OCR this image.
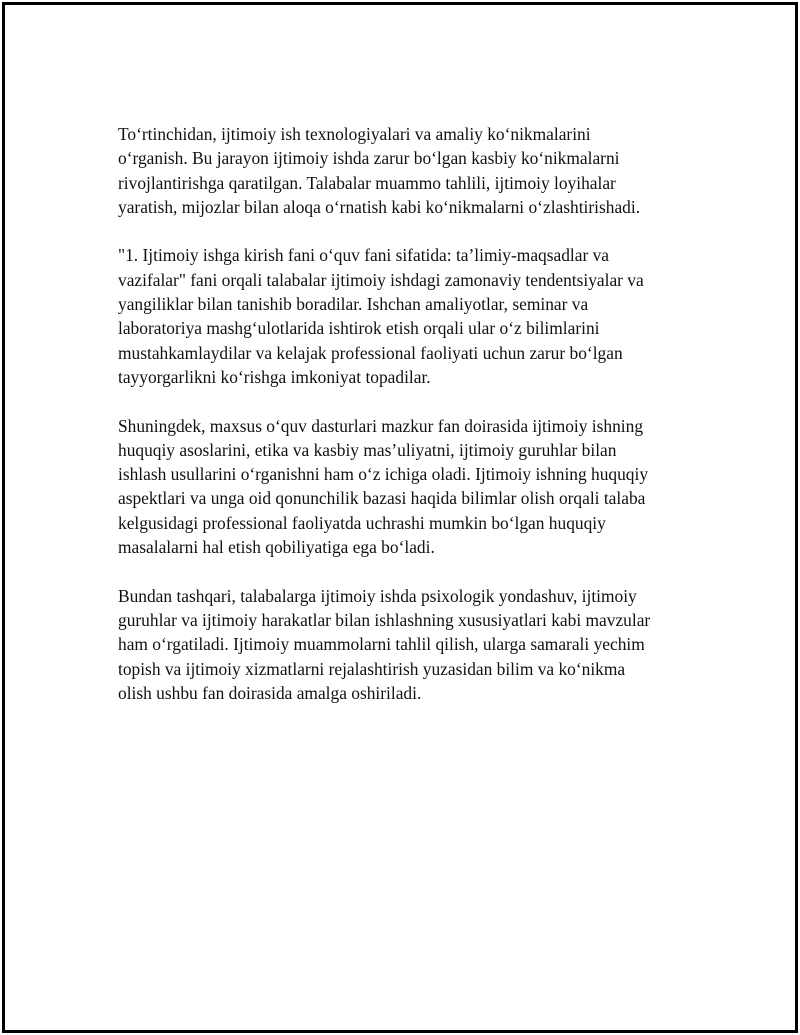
To‘rtinchidan, ijtimoiy ish texnologiyalari va amaliy ko‘nikmalarini
o‘rganish. Bu jarayon ijtimoiy ishda zarur bo‘lgan kasbiy ko‘nikmalarni
rivojlantirishga qaratilgan. Talabalar muammo tahlili, ijtimoiy loyihalar
yaratish, mijozlar bilan aloqa o‘rnatish kabi ko‘nikmalarni o‘zlashtirishadi.

"1. Ijtimoiy ishga kirish fani o‘quv fani sifatida: ta’limiy-maqsadlar va
vazifalar" fani orqali talabalar ijtimoiy ishdagi zamonaviy tendentsiyalar va
yangiliklar bilan tanishib boradilar. Ishchan amaliyotlar, seminar va
laboratoriya mashg‘ulotlarida ishtirok etish orqali ular o‘z bilimlarini
mustahkamlaydilar va kelajak professional faoliyati uchun zarur bo‘lgan
tayyorgarlikni ko‘rishga imkoniyat topadilar.

Shuningdek, maxsus o‘quv dasturlari mazkur fan doirasida ijtimoiy ishning
huquqiy asoslarini, etika va kasbiy mas’uliyatni, ijtimoiy guruhlar bilan
ishlash usullarini o‘rganishni ham o‘z ichiga oladi. Ijtimoiy ishning huquqiy
aspektlari va unga oid qonunchilik bazasi haqida bilimlar olish orqali talaba
kelgusidagi professional faoliyatda uchrashi mumkin bo‘lgan huquqiy
masalalarni hal etish qobiliyatiga ega bo‘ladi.

Bundan tashqari, talabalarga ijtimoiy ishda psixologik yondashuv, ijtimoiy
guruhlar va ijtimoiy harakatlar bilan ishlashning xususiyatlari kabi mavzular
ham o‘rgatiladi. Ijtimoiy muammolarni tahlil qilish, ularga samarali yechim
topish va ijtimoiy xizmatlarni rejalashtirish yuzasidan bilim va ko‘nikma
olish ushbu fan doirasida amalga oshiriladi.
